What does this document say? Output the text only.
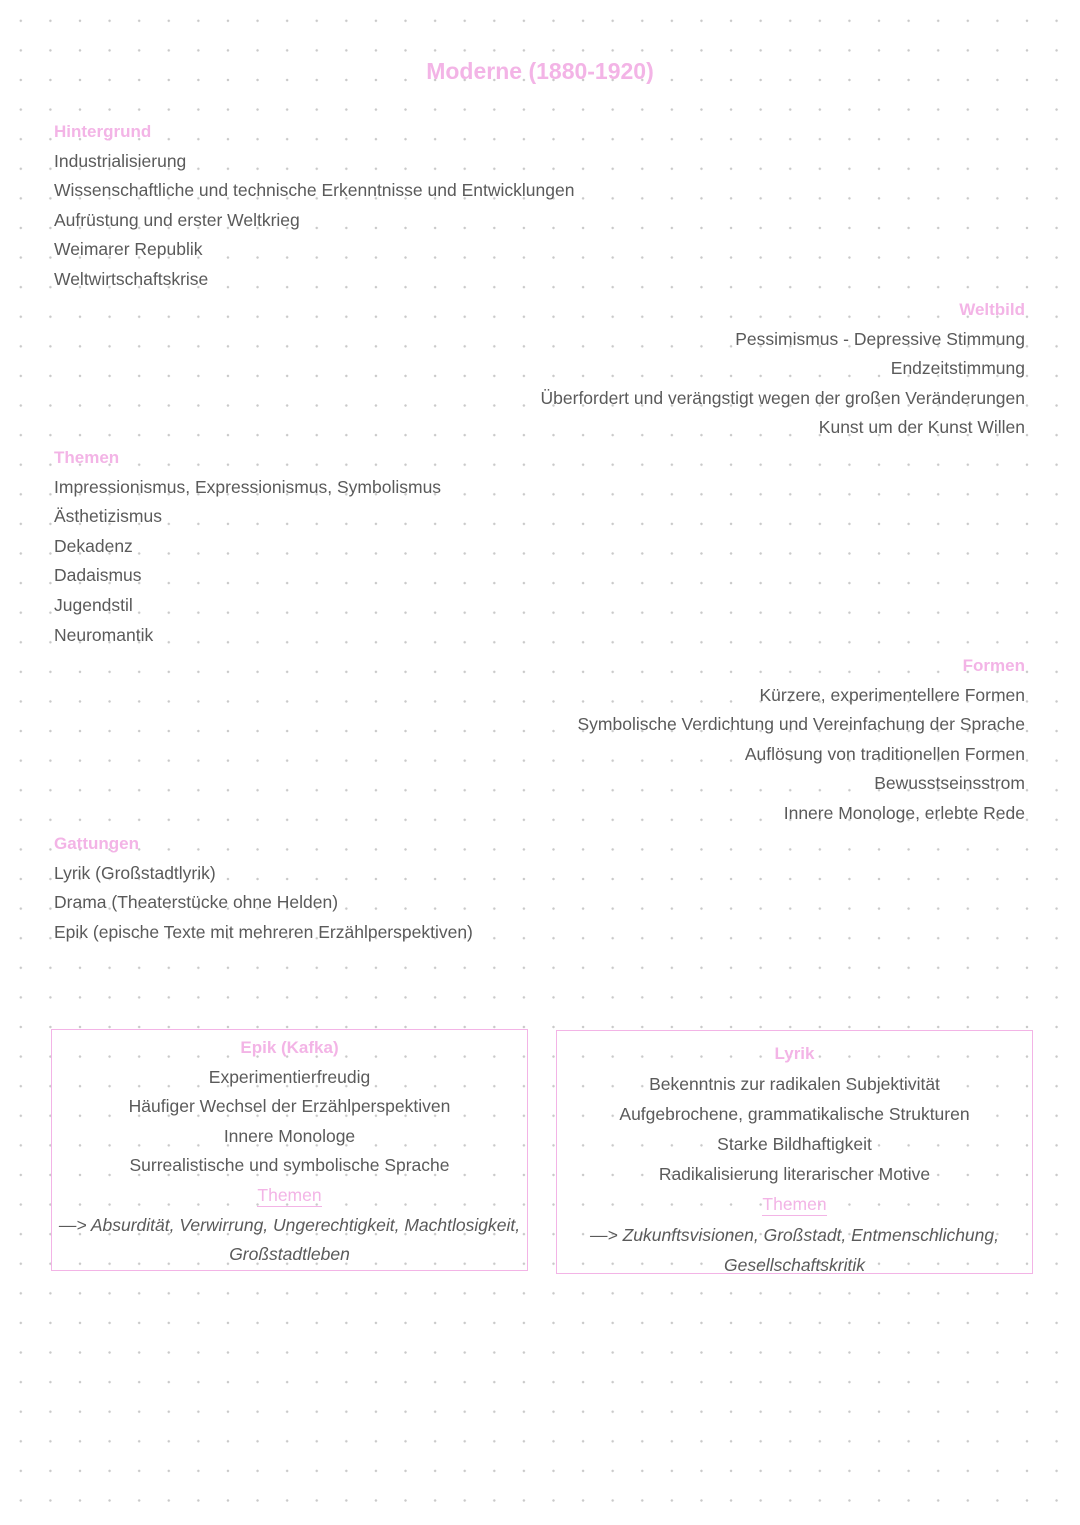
Moderne (1880-1920)
Hintergrund
Industrialisierung
Wissenschaftliche und technische Erkenntnisse und Entwicklungen
Aufrüstung und erster Weltkrieg
Weimarer Republik
Weltwirtschaftskrise
Weltbild
Pessimismus - Depressive Stimmung
Endzeitstimmung
Überfordert und verängstigt wegen der großen Veränderungen
Kunst um der Kunst Willen
Themen
Impressionismus, Expressionismus, Symbolismus
Ästhetizismus
Dekadenz
Dadaismus
Jugendstil
Neuromantik
Formen
Kürzere, experimentellere Formen
Symbolische Verdichtung und Vereinfachung der Sprache
Auflösung von traditionellen Formen
Bewusstseinsstrom
Innere Monologe, erlebte Rede
Gattungen
Lyrik (Großstadtlyrik)
Drama (Theaterstücke ohne Helden)
Epik (epische Texte mit mehreren Erzählperspektiven)
Epik (Kafka)
Experimentierfreudig
Häufiger Wechsel der Erzählperspektiven
Innere Monologe
Surrealistische und symbolische Sprache
Themen
—> Absurdität, Verwirrung, Ungerechtigkeit, Machtlosigkeit,
Großstadtleben
Lyrik
Bekenntnis zur radikalen Subjektivität
Aufgebrochene, grammatikalische Strukturen
Starke Bildhaftigkeit
Radikalisierung literarischer Motive
Themen
—> Zukunftsvisionen, Großstadt, Entmenschlichung,
Gesellschaftskritik
